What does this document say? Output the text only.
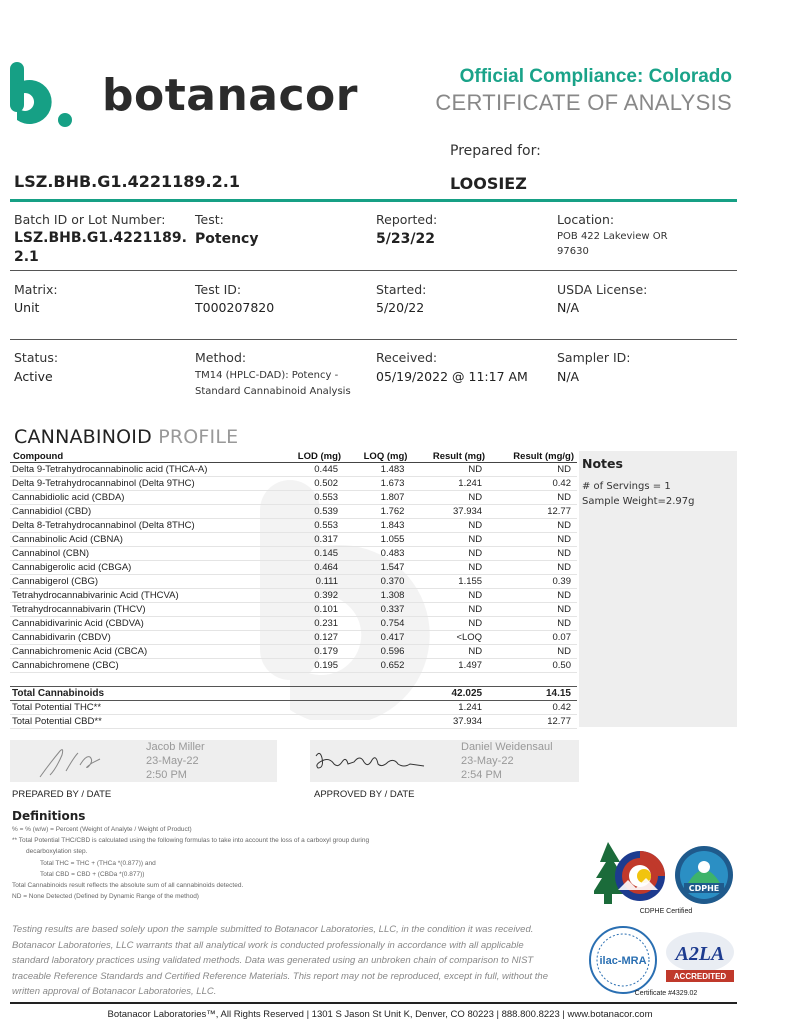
botanacor	Official Compliance: Colorado
CERTIFICATE OF ANALYSIS
Prepared for:
LSZ.BHB.G1.4221189.2.1	LOOSIEZ
Batch ID or Lot Number:
LSZ.BHB.G1.4221189.
2.1
Test:
Potency
Reported:
5/23/22
Location:
POB 422 Lakeview OR
97630
Matrix:
Unit
Test ID:
T000207820
Started:
5/20/22
USDA License:
N/A
Status:
Active
Method:
TM14 (HPLC-DAD): Potency -
Standard Cannabinoid Analysis
Received:
05/19/2022 @ 11:17 AM
Sampler ID:
N/A
CANNABINOID PROFILE
Compound	LOD (mg)	LOQ (mg)	Result (mg)	Result (mg/g)
Delta 9-Tetrahydrocannabinolic acid (THCA-A)	0.445	1.483	ND	ND
Delta 9-Tetrahydrocannabinol (Delta 9THC)	0.502	1.673	1.241	0.42
Cannabidiolic acid (CBDA)	0.553	1.807	ND	ND
Cannabidiol (CBD)	0.539	1.762	37.934	12.77
Delta 8-Tetrahydrocannabinol (Delta 8THC)	0.553	1.843	ND	ND
Cannabinolic Acid (CBNA)	0.317	1.055	ND	ND
Cannabinol (CBN)	0.145	0.483	ND	ND
Cannabigerolic acid (CBGA)	0.464	1.547	ND	ND
Cannabigerol (CBG)	0.111	0.370	1.155	0.39
Tetrahydrocannabivarinic Acid (THCVA)	0.392	1.308	ND	ND
Tetrahydrocannabivarin (THCV)	0.101	0.337	ND	ND
Cannabidivarinic Acid (CBDVA)	0.231	0.754	ND	ND
Cannabidivarin (CBDV)	0.127	0.417	<LOQ	0.07
Cannabichromenic Acid (CBCA)	0.179	0.596	ND	ND
Cannabichromene (CBC)	0.195	0.652	1.497	0.50

Total Cannabinoids			42.025	14.15
Total Potential THC**			1.241	0.42
Total Potential CBD**			37.934	12.77
Notes
# of Servings = 1
Sample Weight=2.97g
Jacob Miller
23-May-22
2:50 PM
PREPARED BY / DATE
Daniel Weidensaul
23-May-22
2:54 PM
APPROVED BY / DATE
Definitions
% = % (w/w) = Percent (Weight of Analyte / Weight of Product)
** Total Potential THC/CBD is calculated using the following formulas to take into account the loss of a carboxyl group during
decarboxylation step.
Total THC = THC + (THCa *(0.877)) and
Total CBD = CBD + (CBDa *(0.877))
Total Cannabinoids result reflects the absolute sum of all cannabinoids detected.
ND = None Detected (Defined by Dynamic Range of the method)
CDPHE
CDPHE Certified
ilac-MRA A2LA
ACCREDITED
Certificate #4329.02
Testing results are based solely upon the sample submitted to Botanacor Laboratories, LLC, in the condition it was received.
Botanacor Laboratories, LLC warrants that all analytical work is conducted professionally in accordance with all applicable
standard laboratory practices using validated methods. Data was generated using an unbroken chain of comparison to NIST
traceable Reference Standards and Certified Reference Materials. This report may not be reproduced, except in full, without the
written approval of Botanacor Laboratories, LLC.
Botanacor Laboratories™, All Rights Reserved | 1301 S Jason St Unit K, Denver, CO 80223 | 888.800.8223 | www.botanacor.com
